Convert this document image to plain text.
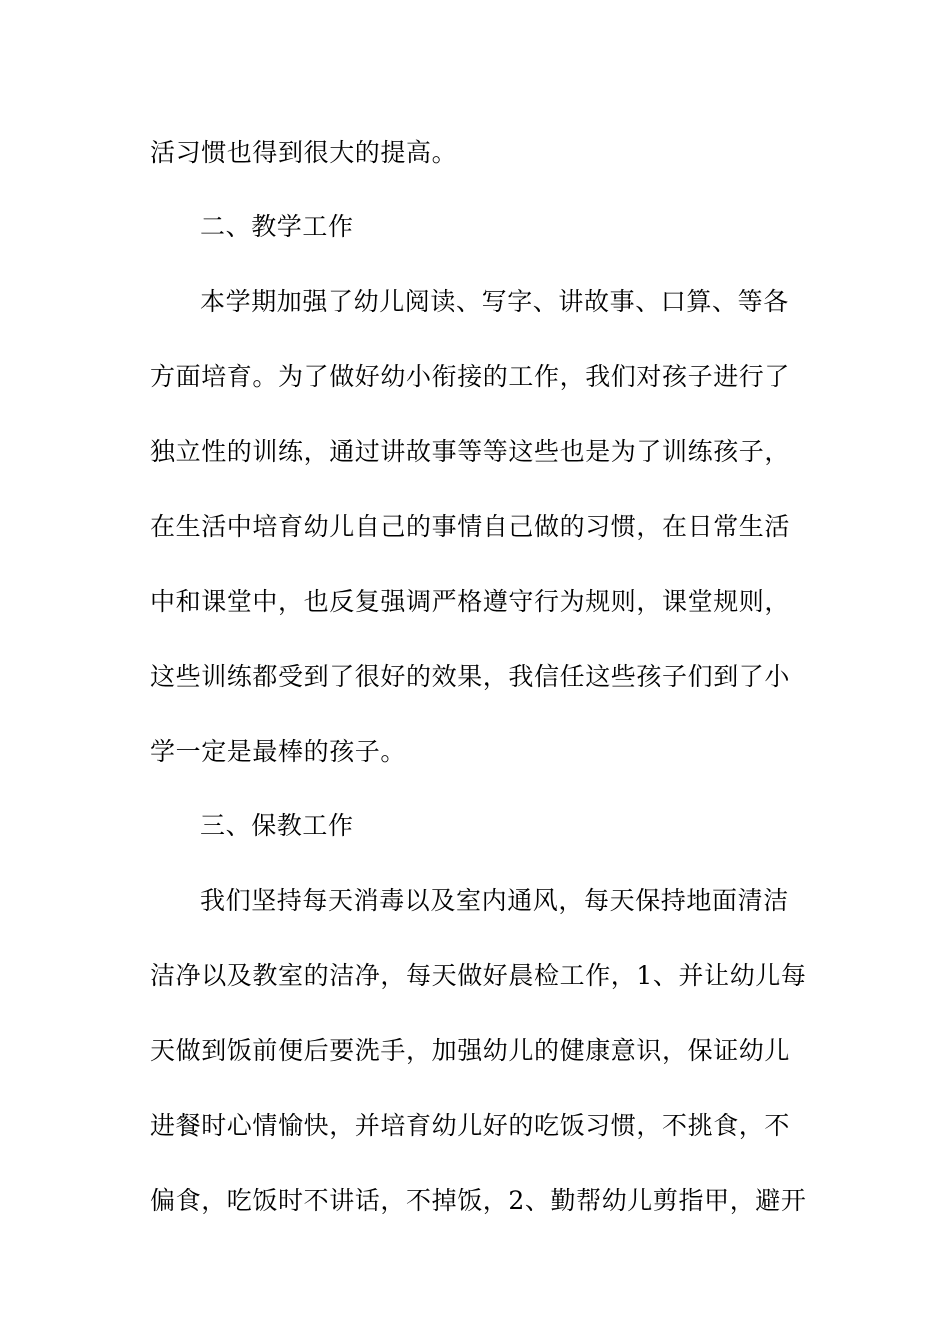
活习惯也得到很大的提高。
二、教学工作
本学期加强了幼儿阅读、写字、讲故事、口算、等各
方面培育。为了做好幼小衔接的工作，我们对孩子进行了
独立性的训练，通过讲故事等等这些也是为了训练孩子，
在生活中培育幼儿自己的事情自己做的习惯，在日常生活
中和课堂中，也反复强调严格遵守行为规则，课堂规则，
这些训练都受到了很好的效果，我信任这些孩子们到了小
学一定是最棒的孩子。
三、保教工作
我们坚持每天消毒以及室内通风，每天保持地面清洁
洁净以及教室的洁净，每天做好晨检工作，1、并让幼儿每
天做到饭前便后要洗手，加强幼儿的健康意识，保证幼儿
进餐时心情愉快，并培育幼儿好的吃饭习惯，不挑食，不
偏食，吃饭时不讲话，不掉饭，2、勤帮幼儿剪指甲，避开
